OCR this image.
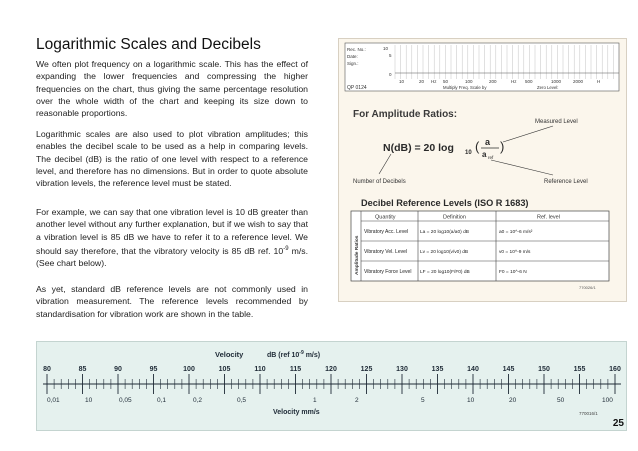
Logarithmic Scales and Decibels

We often plot frequency on a logarithmic scale. This has the effect of expanding the lower frequencies and compressing the higher frequencies on the chart, thus giving the same percentage resolution over the whole width of the chart and keeping its size down to reasonable proportions.

Logarithmic scales are also used to plot vibration amplitudes; this enables the decibel scale to be used as a help in comparing levels. The decibel (dB) is the ratio of one level with respect to a reference level, and therefore has no dimensions. But in order to quote absolute vibration levels, the reference level must be stated.

For example, we can say that one vibration level is 10 dB greater than another level without any further explanation, but if we wish to say that a vibration level is 85 dB we have to refer it to a reference level. We should say therefore, that the vibratory velocity is 85 dB ref. $10^{-9}$ m/s. (See chart below).

As yet, standard dB reference levels are not commonly used in vibration measurement. The reference levels recommended by standardisation for vibration work are shown in the table.

Rec. No.:
Date:
Sign.:
10
5
0
10	20 Hz 50	100	200	Hz 500	1000	2000	H
QP 0124	Multiply Freq. Scale by	Zero Level:
For Amplitude Ratios:
Measured Level
N(dB) = 20 log 10 ( a
a ref
)
Number of Decibels	Reference Level
Decibel Reference Levels (ISO R 1683)
Amplitude Ratios
Quantity	Definition	Ref. level
Vibratory Acc. Level La = 20 log10(a/a0) dB	a0 = 10^-6 m/s²
Vibratory Vel. Level	Lv = 20 log10(v/v0) dB	v0 = 10^-9 m/s
Vibratory Force Level LF = 20 log10(F/F0) dB	F0 = 10^-6 N
770026/1
Velocity	dB (ref $10^{-9}$ m/s)
80	85	90	95	100	105	110	115	120	125	130	135	140	145	150	155	160
0,01	10	0,05	0,1	0,2	0,5	1	2	5	10	20	50	100
Velocity mm/s	770016/1
25
